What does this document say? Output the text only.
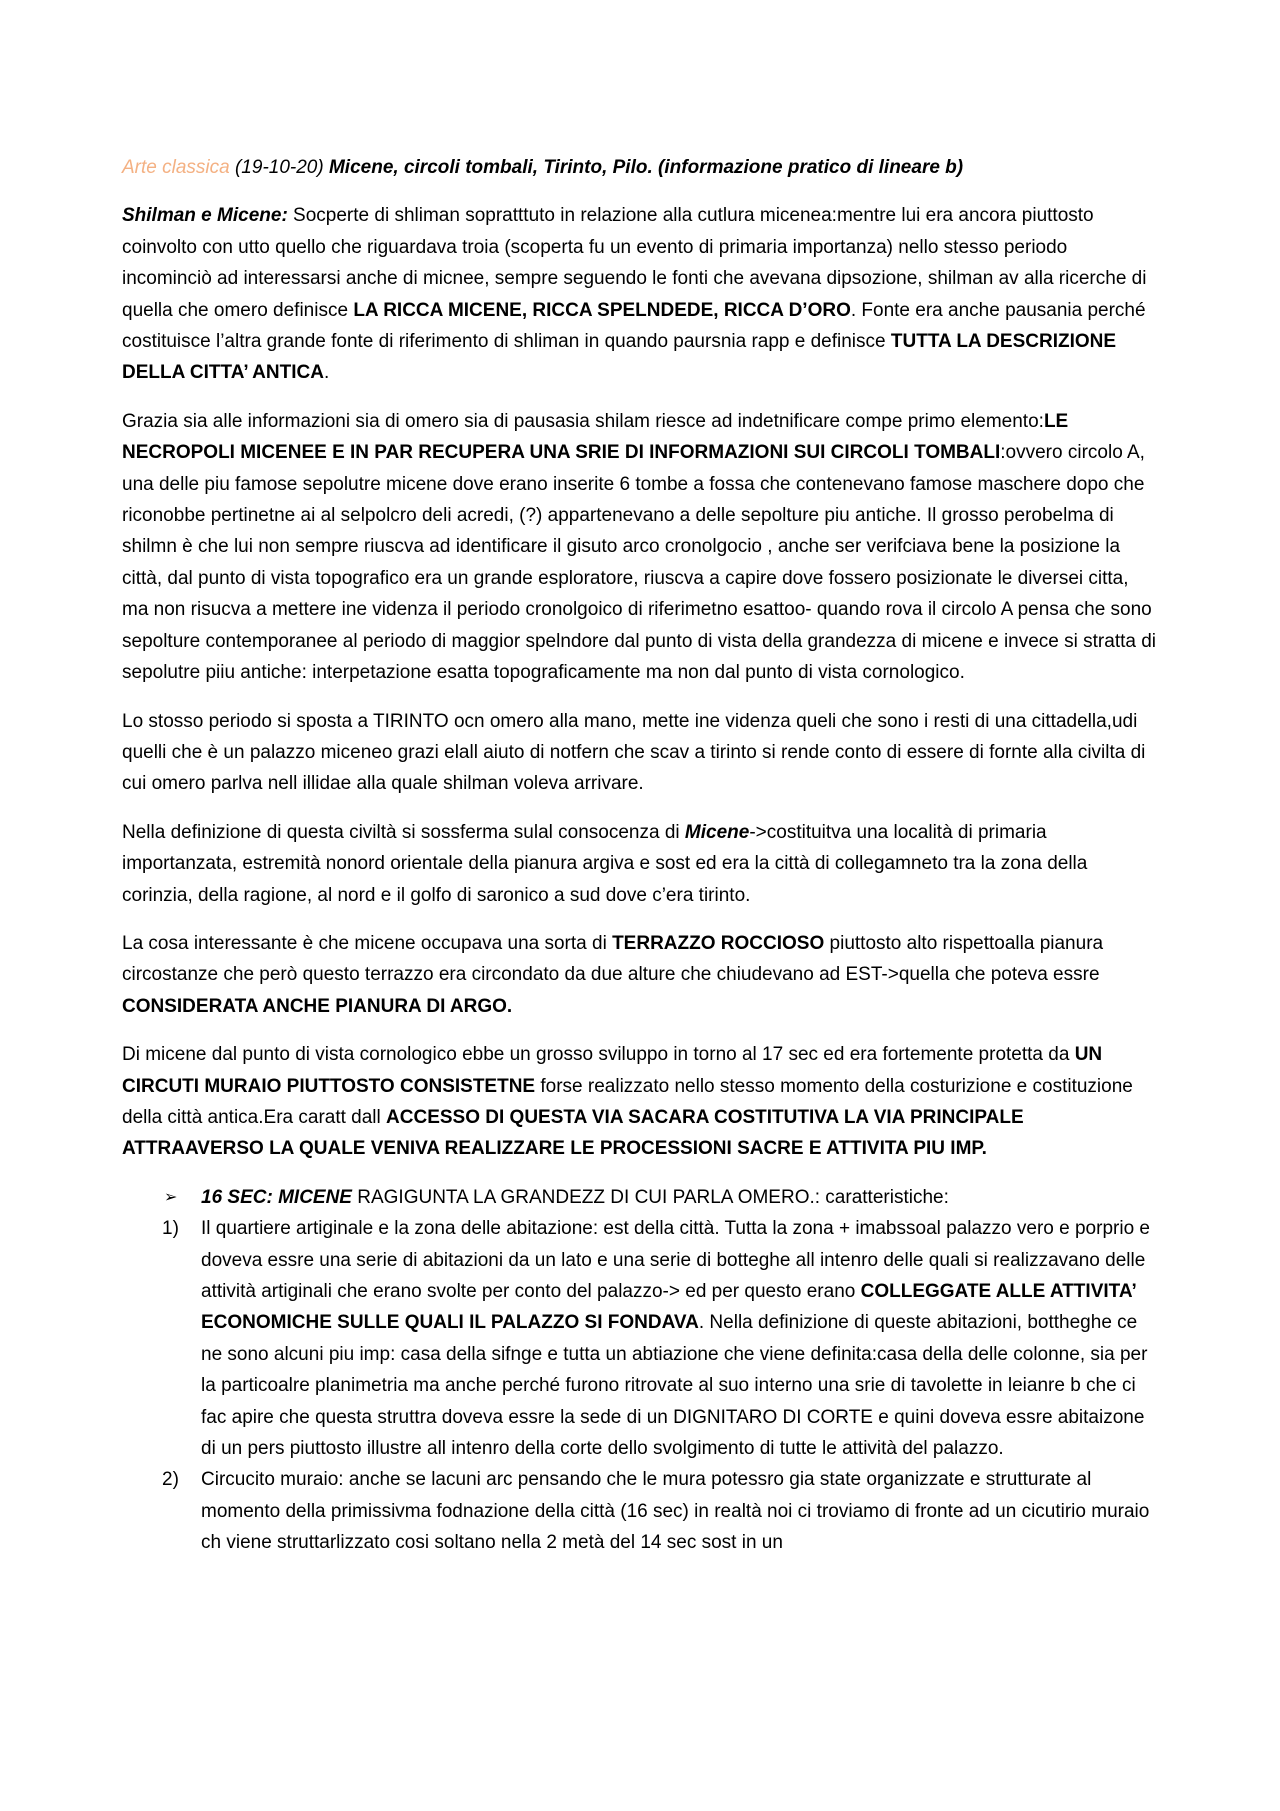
Arte classica (19-10-20) Micene, circoli tombali, Tirinto, Pilo. (informazione pratico di lineare b)

Shilman e Micene: Socperte di shliman sopratttuto in relazione alla cutlura micenea:mentre lui era ancora piuttosto coinvolto con utto quello che riguardava troia (scoperta fu un evento di primaria importanza) nello stesso periodo incominciò ad interessarsi anche di micnee, sempre seguendo le fonti che avevana dipsozione, shilman av alla ricerche di quella che omero definisce LA RICCA MICENE, RICCA SPELNDEDE, RICCA D’ORO. Fonte era anche pausania perché costituisce l’altra grande fonte di riferimento di shliman in quando paursnia rapp e definisce TUTTA LA DESCRIZIONE DELLA CITTA’ ANTICA.

Grazia sia alle informazioni sia di omero sia di pausasia shilam riesce ad indetnificare compe primo elemento:LE NECROPOLI MICENEE E IN PAR RECUPERA UNA SRIE DI INFORMAZIONI SUI CIRCOLI TOMBALI:ovvero circolo A, una delle piu famose sepolutre micene dove erano inserite 6 tombe a fossa che contenevano famose maschere dopo che riconobbe pertinetne ai al selpolcro deli acredi, (?) appartenevano a delle sepolture piu antiche. Il grosso perobelma di shilmn è che lui non sempre riuscva ad identificare il gisuto arco cronolgocio , anche ser verifciava bene la posizione la città, dal punto di vista topografico era un grande esploratore, riuscva a capire dove fossero posizionate le diversei citta, ma non risucva a mettere ine videnza il periodo cronolgoico di riferimetno esattoo- quando rova il circolo A pensa che sono sepolture contemporanee al periodo di maggior spelndore dal punto di vista della grandezza di micene e invece si stratta di sepolutre piiu antiche: interpetazione esatta topograficamente ma non dal punto di vista cornologico.

Lo stosso periodo si sposta a TIRINTO ocn omero alla mano, mette ine videnza queli che sono i resti di una cittadella,udi quelli che è un palazzo miceneo grazi elall aiuto di notfern che scav a tirinto si rende conto di essere di fornte alla civilta di cui omero parlva nell illidae alla quale shilman voleva arrivare.

Nella definizione di questa civiltà si sossferma sulal consocenza di Micene->costituitva una località di primaria importanzata, estremità nonord orientale della pianura argiva e sost ed era la città di collegamneto tra la zona della corinzia, della ragione, al nord e il golfo di saronico a sud dove c’era tirinto.

La cosa interessante è che micene occupava una sorta di TERRAZZO ROCCIOSO piuttosto alto rispettoalla pianura circostanze che però questo terrazzo era circondato da due alture che chiudevano ad EST->quella che poteva essre CONSIDERATA ANCHE PIANURA DI ARGO.

Di micene dal punto di vista cornologico ebbe un grosso sviluppo in torno al 17 sec ed era fortemente protetta da UN CIRCUTI MURAIO PIUTTOSTO CONSISTETNE forse realizzato nello stesso momento della costurizione e costituzione della città antica.Era caratt dall ACCESSO DI QUESTA VIA SACARA COSTITUTIVA LA VIA PRINCIPALE ATTRAAVERSO LA QUALE VENIVA REALIZZARE LE PROCESSIONI SACRE E ATTIVITA PIU IMP.

➢ 16 SEC: MICENE RAGIGUNTA LA GRANDEZZ DI CUI PARLA OMERO.: caratteristiche:
1) Il quartiere artiginale e la zona delle abitazione: est della città. Tutta la zona + imabssoal palazzo vero e porprio e doveva essre una serie di abitazioni da un lato e una serie di botteghe all intenro delle quali si realizzavano delle attività artiginali che erano svolte per conto del palazzo-> ed per questo erano COLLEGGATE ALLE ATTIVITA’ ECONOMICHE SULLE QUALI IL PALAZZO SI FONDAVA. Nella definizione di queste abitazioni, bottheghe ce ne sono alcuni piu imp: casa della sifnge e tutta un abtiazione che viene definita:casa della delle colonne, sia per la particoalre planimetria ma anche perché furono ritrovate al suo interno una srie di tavolette in leianre b che ci fac apire che questa struttra doveva essre la sede di un DIGNITARO DI CORTE e quini doveva essre abitaizone di un pers piuttosto illustre all intenro della corte dello svolgimento di tutte le attività del palazzo.
2) Circucito muraio: anche se lacuni arc pensando che le mura potessro gia state organizzate e strutturate al momento della primissivma fodnazione della città (16 sec) in realtà noi ci troviamo di fronte ad un cicutirio muraio ch viene struttarlizzato cosi soltano nella 2 metà del 14 sec sost in un
